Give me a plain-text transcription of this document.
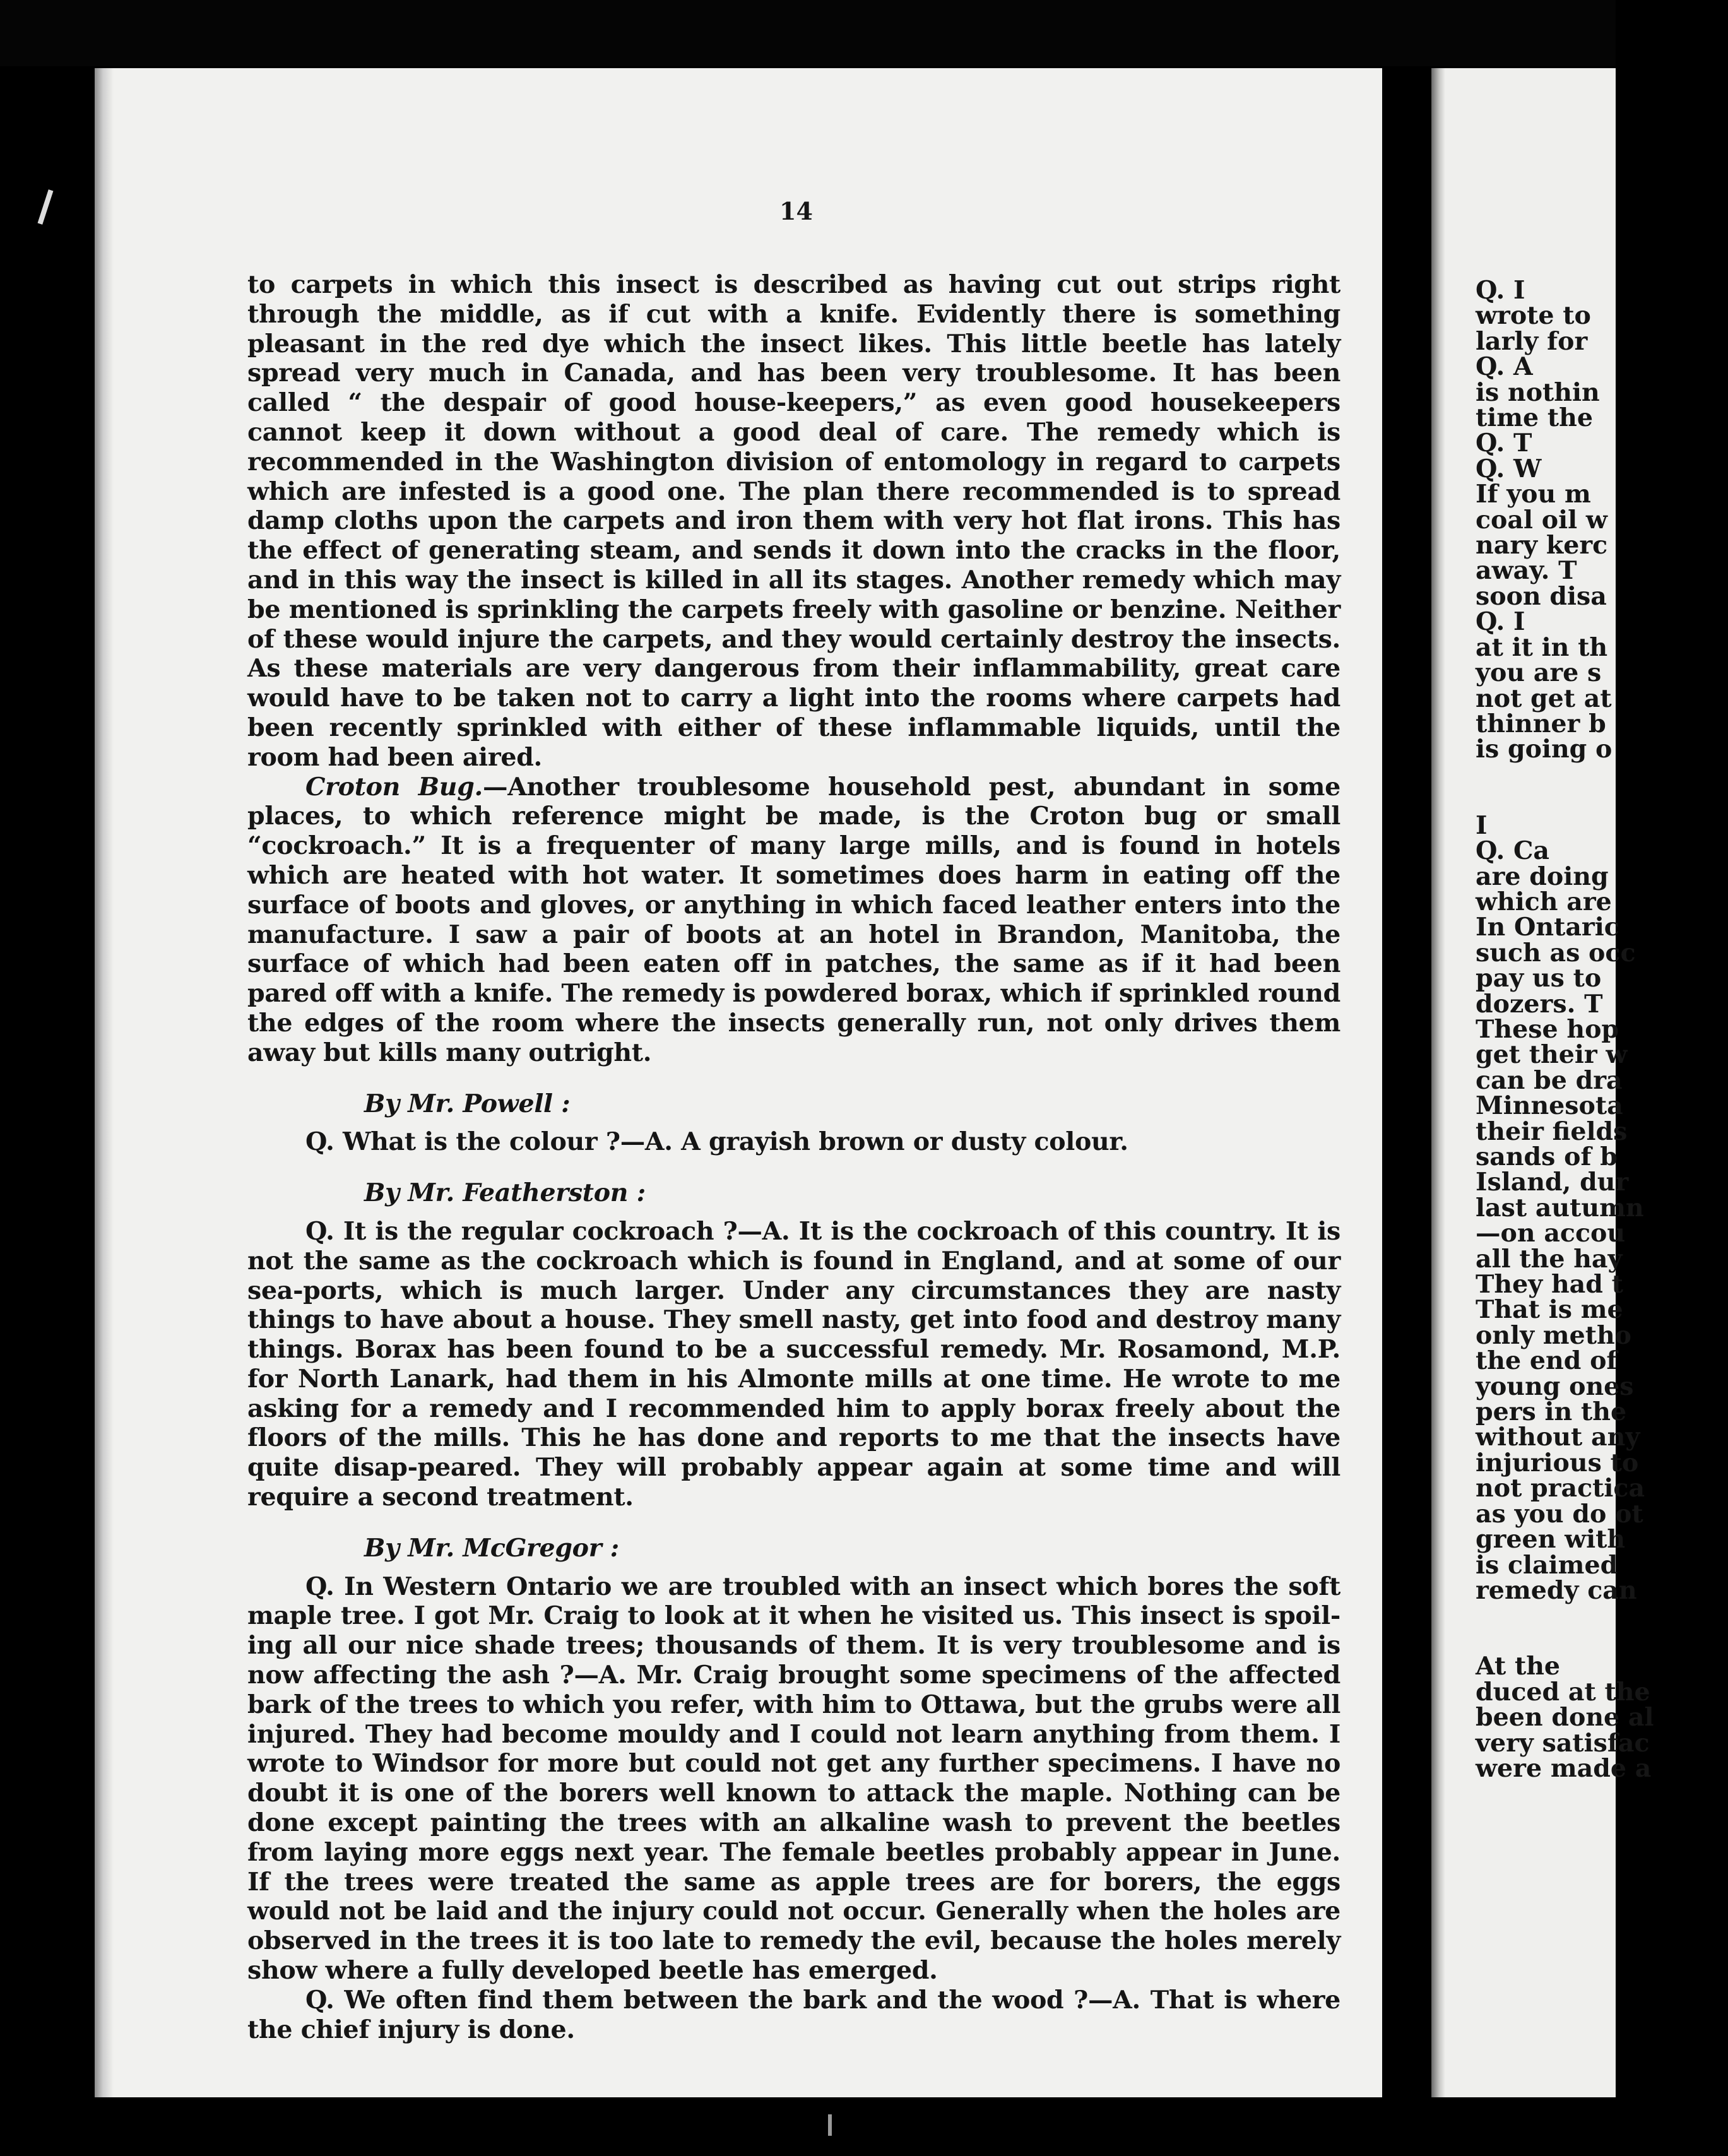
14

to carpets in which this insect is described as having cut out strips right through the middle, as if cut with a knife. Evidently there is something pleasant in the red dye which the insect likes. This little beetle has lately spread very much in Canada, and has been very troublesome. It has been called “ the despair of good house-keepers,” as even good housekeepers cannot keep it down without a good deal of care. The remedy which is recommended in the Washington division of entomology in regard to carpets which are infested is a good one. The plan there recommended is to spread damp cloths upon the carpets and iron them with very hot flat irons. This has the effect of generating steam, and sends it down into the cracks in the floor, and in this way the insect is killed in all its stages. Another remedy which may be mentioned is sprinkling the carpets freely with gasoline or benzine. Neither of these would injure the carpets, and they would certainly destroy the insects. As these materials are very dangerous from their inflammability, great care would have to be taken not to carry a light into the rooms where carpets had been recently sprinkled with either of these inflammable liquids, until the room had been aired.

Croton Bug.—Another troublesome household pest, abundant in some places, to which reference might be made, is the Croton bug or small “cockroach.” It is a frequenter of many large mills, and is found in hotels which are heated with hot water. It sometimes does harm in eating off the surface of boots and gloves, or anything in which faced leather enters into the manufacture. I saw a pair of boots at an hotel in Brandon, Manitoba, the surface of which had been eaten off in patches, the same as if it had been pared off with a knife. The remedy is powdered borax, which if sprinkled round the edges of the room where the insects generally run, not only drives them away but kills many outright.

By Mr. Powell :

Q. What is the colour ?—A. A grayish brown or dusty colour.

By Mr. Featherston :

Q. It is the regular cockroach ?—A. It is the cockroach of this country. It is not the same as the cockroach which is found in England, and at some of our sea-ports, which is much larger. Under any circumstances they are nasty things to have about a house. They smell nasty, get into food and destroy many things. Borax has been found to be a successful remedy. Mr. Rosamond, M.P. for North Lanark, had them in his Almonte mills at one time. He wrote to me asking for a remedy and I recommended him to apply borax freely about the floors of the mills. This he has done and reports to me that the insects have quite disap-peared. They will probably appear again at some time and will require a second treatment.

By Mr. McGregor :

Q. In Western Ontario we are troubled with an insect which bores the soft maple tree. I got Mr. Craig to look at it when he visited us. This insect is spoil-ing all our nice shade trees; thousands of them. It is very troublesome and is now affecting the ash ?—A. Mr. Craig brought some specimens of the affected bark of the trees to which you refer, with him to Ottawa, but the grubs were all injured. They had become mouldy and I could not learn anything from them. I wrote to Windsor for more but could not get any further specimens. I have no doubt it is one of the borers well known to attack the maple. Nothing can be done except painting the trees with an alkaline wash to prevent the beetles from laying more eggs next year. The female beetles probably appear in June. If the trees were treated the same as apple trees are for borers, the eggs would not be laid and the injury could not occur. Generally when the holes are observed in the trees it is too late to remedy the evil, because the holes merely show where a fully developed beetle has emerged.

Q. We often find them between the bark and the wood ?—A. That is where the chief injury is done.

Q. I
wrote to
larly for
Q. A
is nothin
time the
Q. T
Q. W
If you m
coal oil w
nary kerc
away. T
soon disa
Q. I
at it in th
you are s
not get at
thinner b
is going o
I
Q. Ca
are doing
which are
In Ontaric
such as occ
pay us to
dozers. T
These hop
get their w
can be dra
Minnesota
their fields
sands of b
Island, dur
last autumn
—on accou
all the hay
They had t
That is me
only metho
the end of
young ones
pers in the
without any
injurious to
not practica
as you do ot
green with
is claimed
remedy can
At the
duced at the
been done al
very satisfac
were made a
